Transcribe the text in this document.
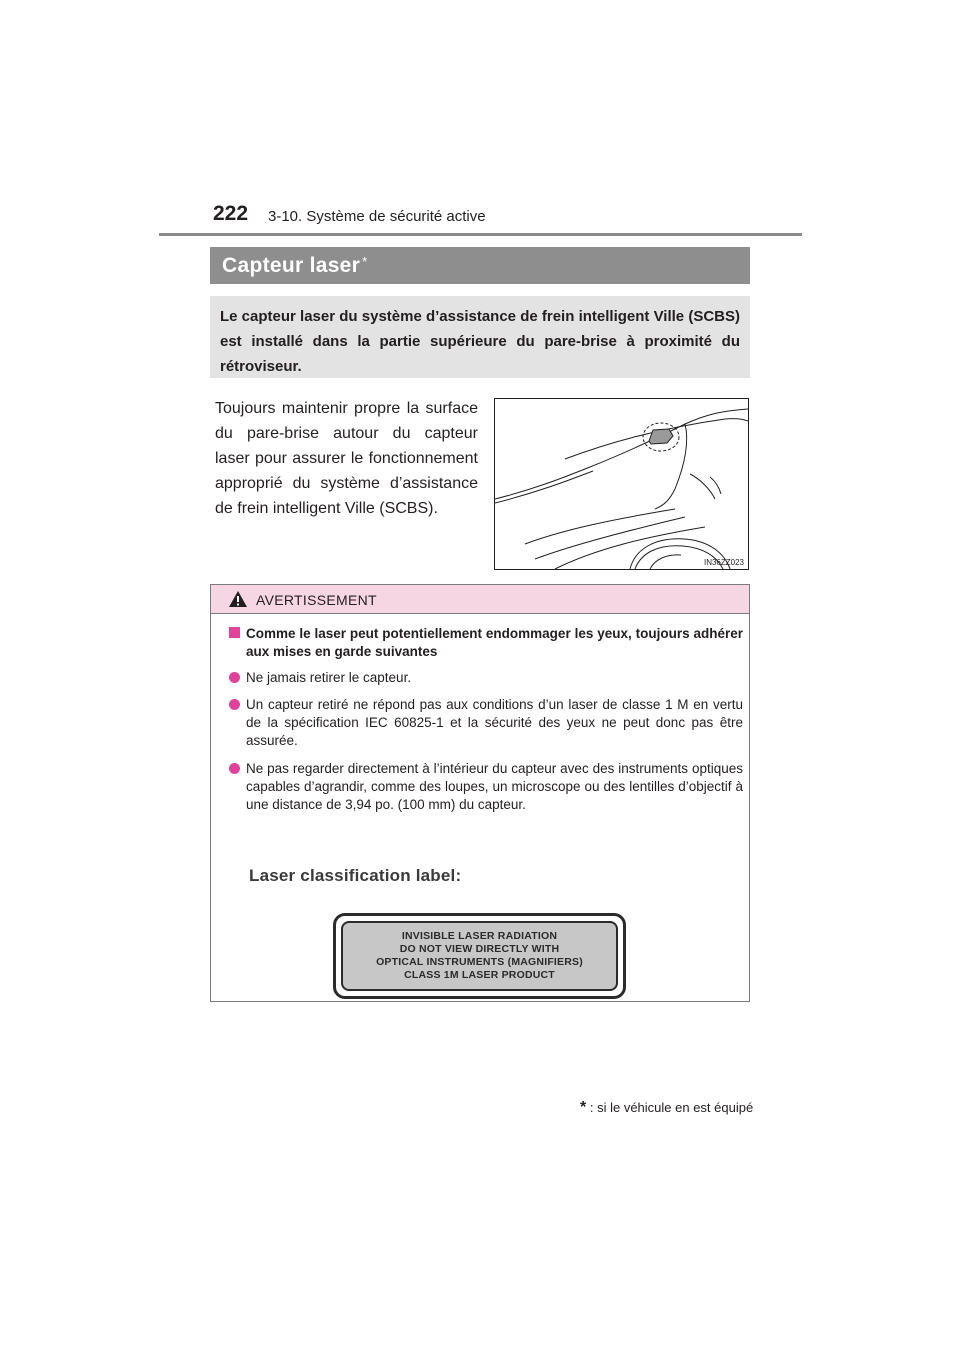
222 3-10. Système de sécurité active
Capteur laser *
Le capteur laser du système d’assistance de frein intelligent Ville (SCBS) est installé dans la partie supérieure du pare-brise à proximité du rétroviseur.
Toujours maintenir propre la surface du pare-brise autour du capteur laser pour assurer le fonctionnement approprié du système d’assistance de frein intelligent Ville (SCBS).
IN36ZZ023
AVERTISSEMENT
Comme le laser peut potentiellement endommager les yeux, toujours adhérer aux mises en garde suivantes
Ne jamais retirer le capteur.
Un capteur retiré ne répond pas aux conditions d’un laser de classe 1 M en vertu de la spécification IEC 60825-1 et la sécurité des yeux ne peut donc pas être assurée.
Ne pas regarder directement à l’intérieur du capteur avec des instruments optiques capables d’agrandir, comme des loupes, un microscope ou des lentilles d’objectif à une distance de 3,94 po. (100 mm) du capteur.
Laser classification label:
INVISIBLE LASER RADIATION
DO NOT VIEW DIRECTLY WITH
OPTICAL INSTRUMENTS (MAGNIFIERS)
CLASS 1M LASER PRODUCT
* : si le véhicule en est équipé
